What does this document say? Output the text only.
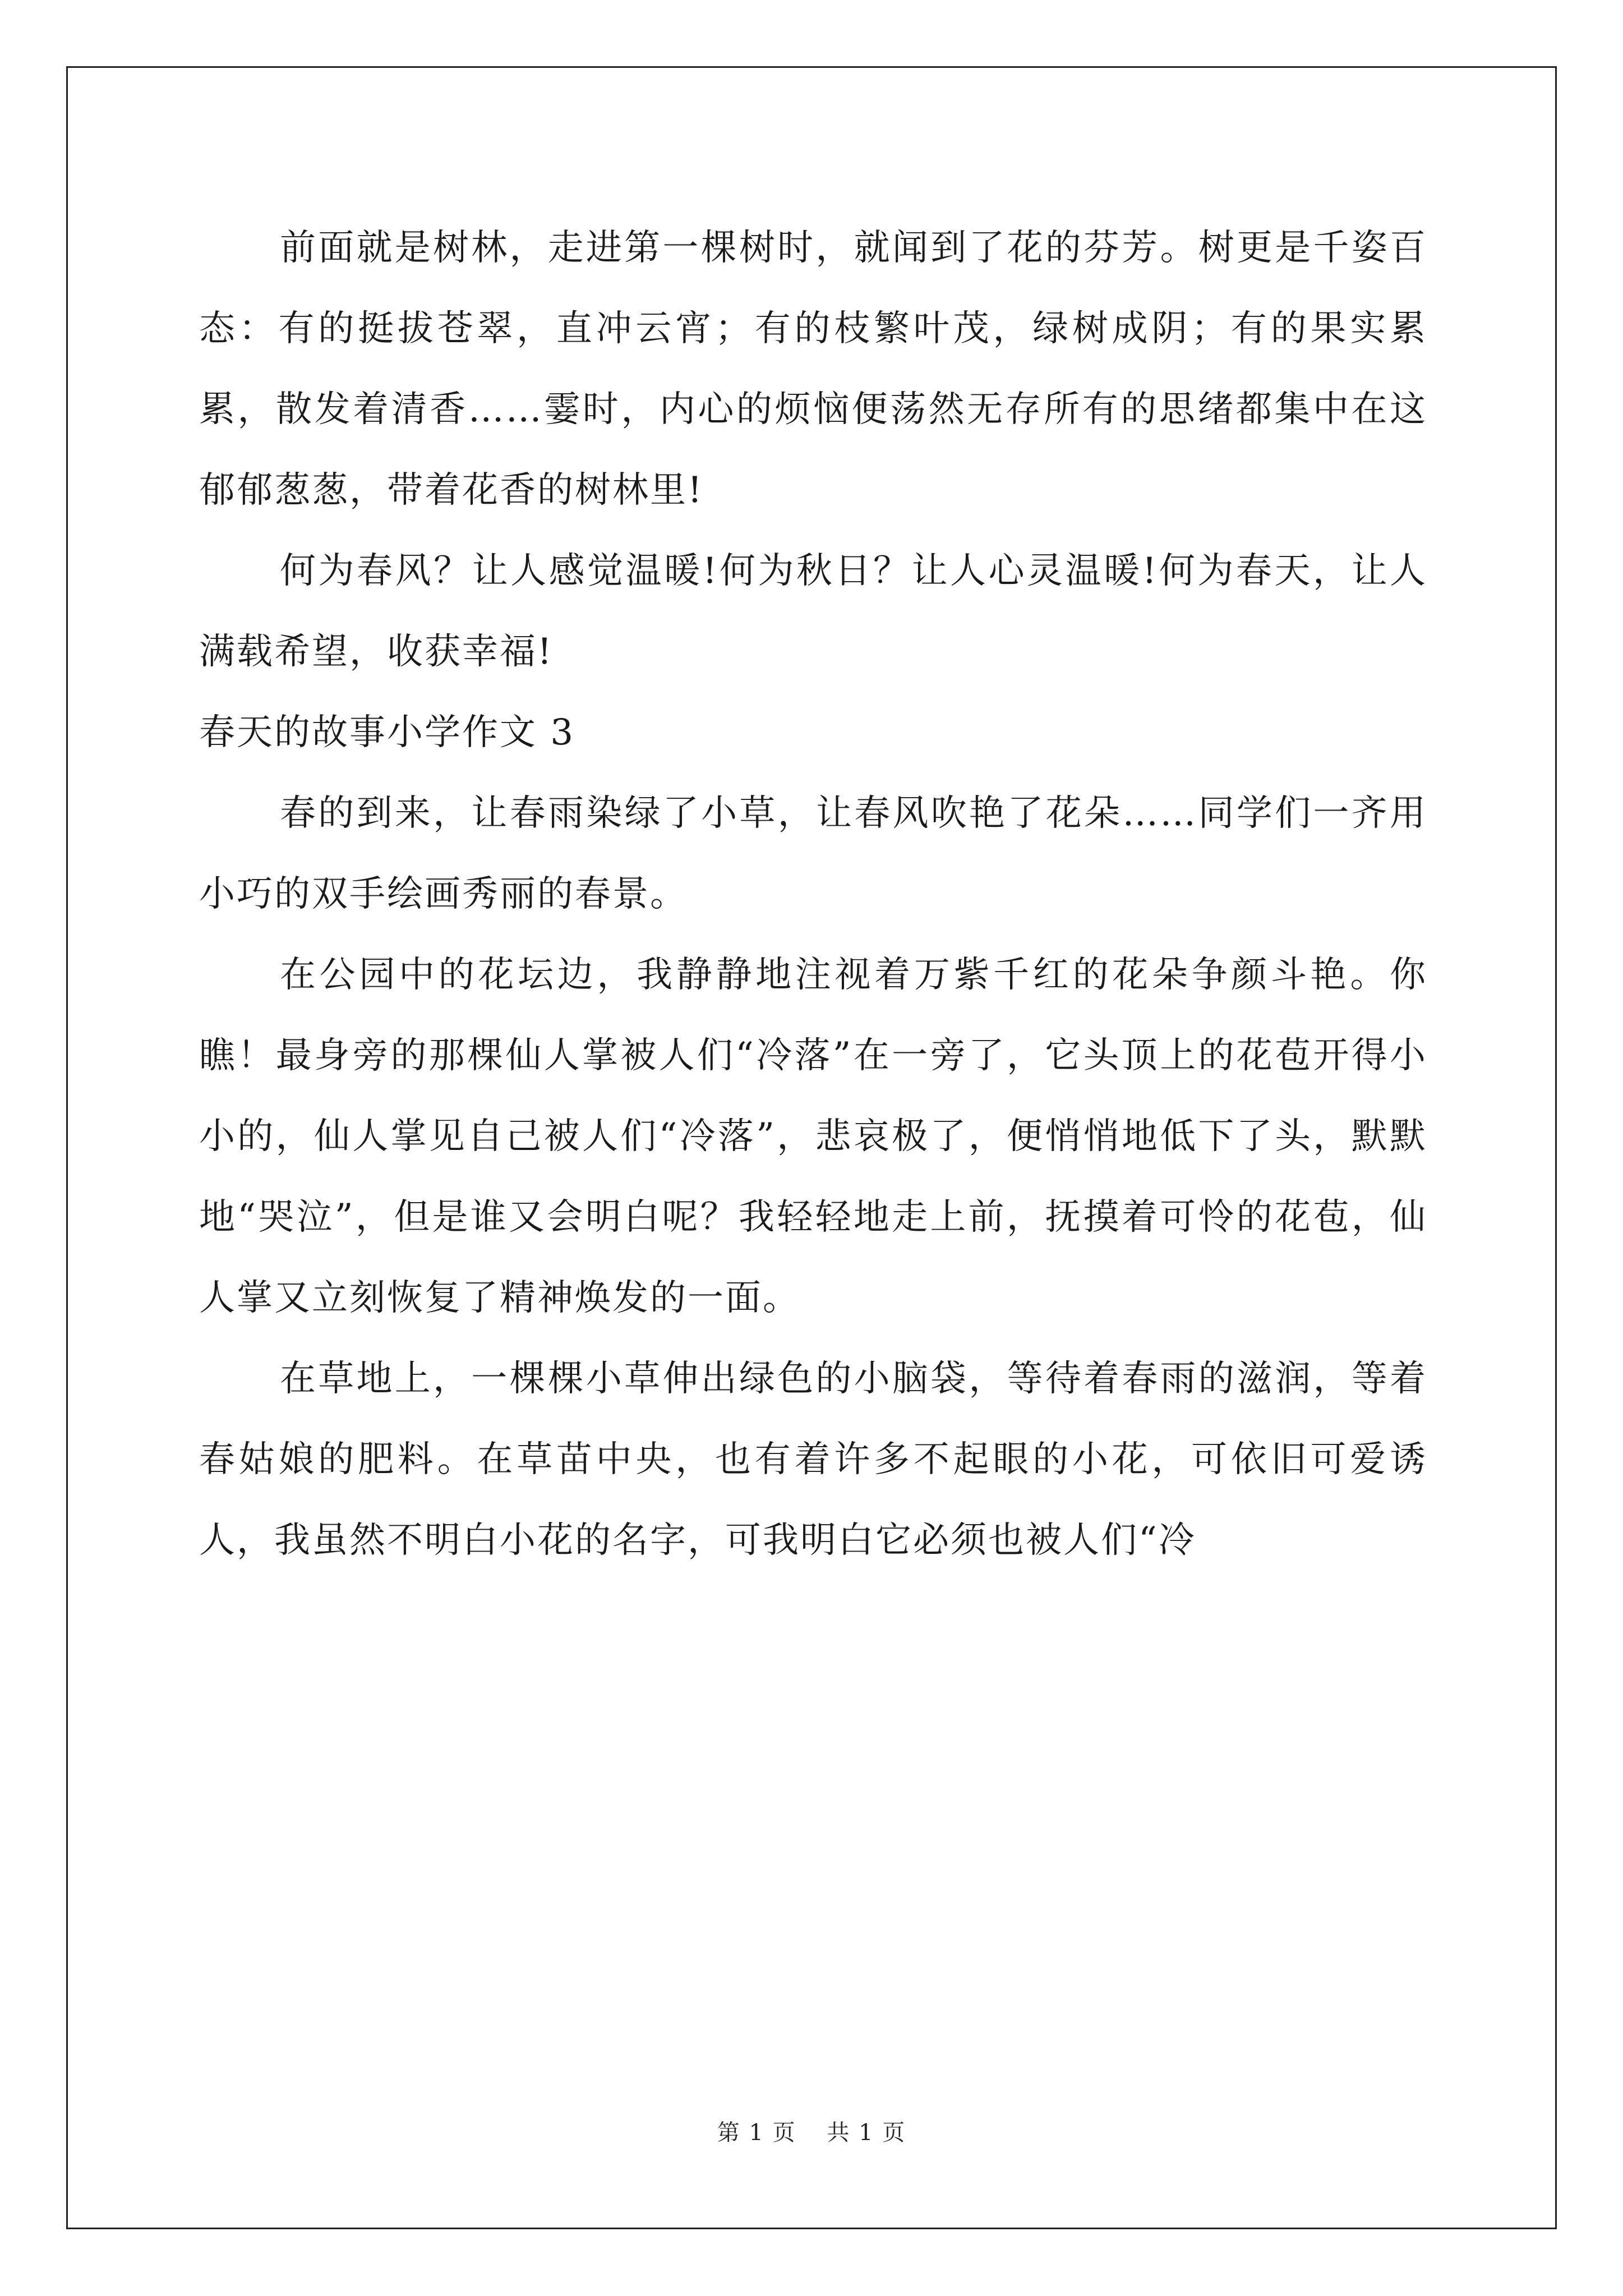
前面就是树林，走进第一棵树时，就闻到了花的芬芳。树更是千姿百态：有的挺拔苍翠，直冲云宵；有的枝繁叶茂，绿树成阴；有的果实累累，散发着清香……霎时，内心的烦恼便荡然无存所有的思绪都集中在这郁郁葱葱，带着花香的树林里!

何为春风？让人感觉温暖!何为秋日？让人心灵温暖!何为春天，让人满载希望，收获幸福!

春天的故事小学作文 3

春的到来，让春雨染绿了小草，让春风吹艳了花朵……同学们一齐用小巧的双手绘画秀丽的春景。

在公园中的花坛边，我静静地注视着万紫千红的花朵争颜斗艳。你瞧！最身旁的那棵仙人掌被人们“冷落”在一旁了，它头顶上的花苞开得小小的，仙人掌见自己被人们“冷落”，悲哀极了，便悄悄地低下了头，默默地“哭泣”，但是谁又会明白呢？我轻轻地走上前，抚摸着可怜的花苞，仙人掌又立刻恢复了精神焕发的一面。

在草地上，一棵棵小草伸出绿色的小脑袋，等待着春雨的滋润，等着春姑娘的肥料。在草苗中央，也有着许多不起眼的小花，可依旧可爱诱人，我虽然不明白小花的名字，可我明白它必须也被人们“冷

第 1 页 共 1 页
